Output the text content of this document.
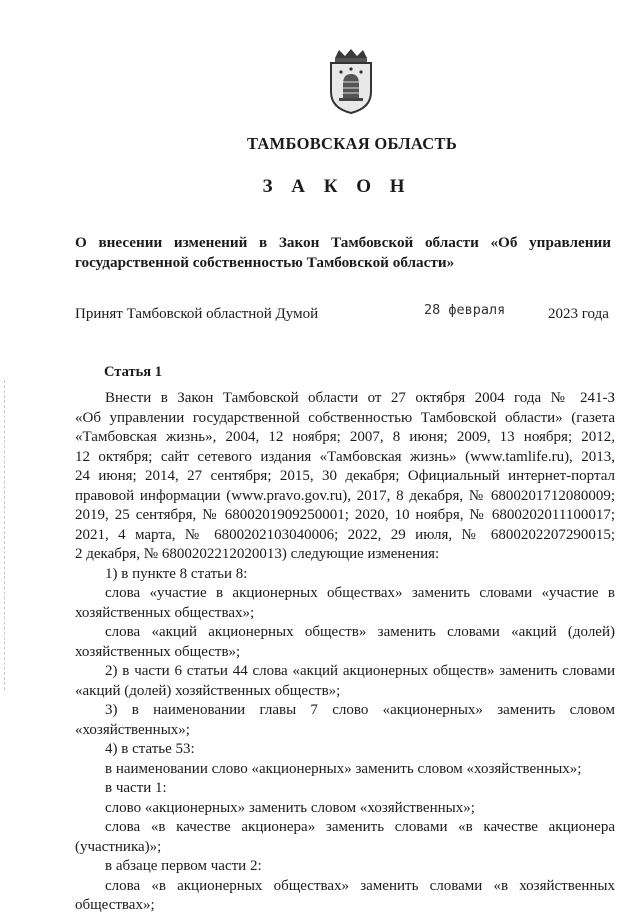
ТАМБОВСКАЯ ОБЛАСТЬ
З А К О Н
О внесении изменений в Закон Тамбовской области «Об управлении
государственной собственностью Тамбовской области»
Принят Тамбовской областной Думой	28 февраля	2023 года
Статья 1
Внести в Закон Тамбовской области от 27 октября 2004 года № 241-З
«Об управлении государственной собственностью Тамбовской области» (газета
«Тамбовская жизнь», 2004, 12 ноября; 2007, 8 июня; 2009, 13 ноября; 2012,
12 октября; сайт сетевого издания «Тамбовская жизнь» (www.tamlife.ru), 2013,
24 июня; 2014, 27 сентября; 2015, 30 декабря; Официальный интернет-портал
правовой информации (www.pravo.gov.ru), 2017, 8 декабря, № 6800201712080009;
2019, 25 сентября, № 6800201909250001; 2020, 10 ноября, № 6800202011100017;
2021, 4 марта, № 6800202103040006; 2022, 29 июля, № 6800202207290015;
2 декабря, № 6800202212020013) следующие изменения:
1) в пункте 8 статьи 8:
слова «участие в акционерных обществах» заменить словами «участие в
хозяйственных обществах»;
слова «акций акционерных обществ» заменить словами «акций (долей)
хозяйственных обществ»;
2) в части 6 статьи 44 слова «акций акционерных обществ» заменить словами
«акций (долей) хозяйственных обществ»;
3) в наименовании главы 7 слово «акционерных» заменить словом
«хозяйственных»;
4) в статье 53:
в наименовании слово «акционерных» заменить словом «хозяйственных»;
в части 1:
слово «акционерных» заменить словом «хозяйственных»;
слова «в качестве акционера» заменить словами «в качестве акционера
(участника)»;
в абзаце первом части 2:
слова «в акционерных обществах» заменить словами «в хозяйственных
обществах»;
